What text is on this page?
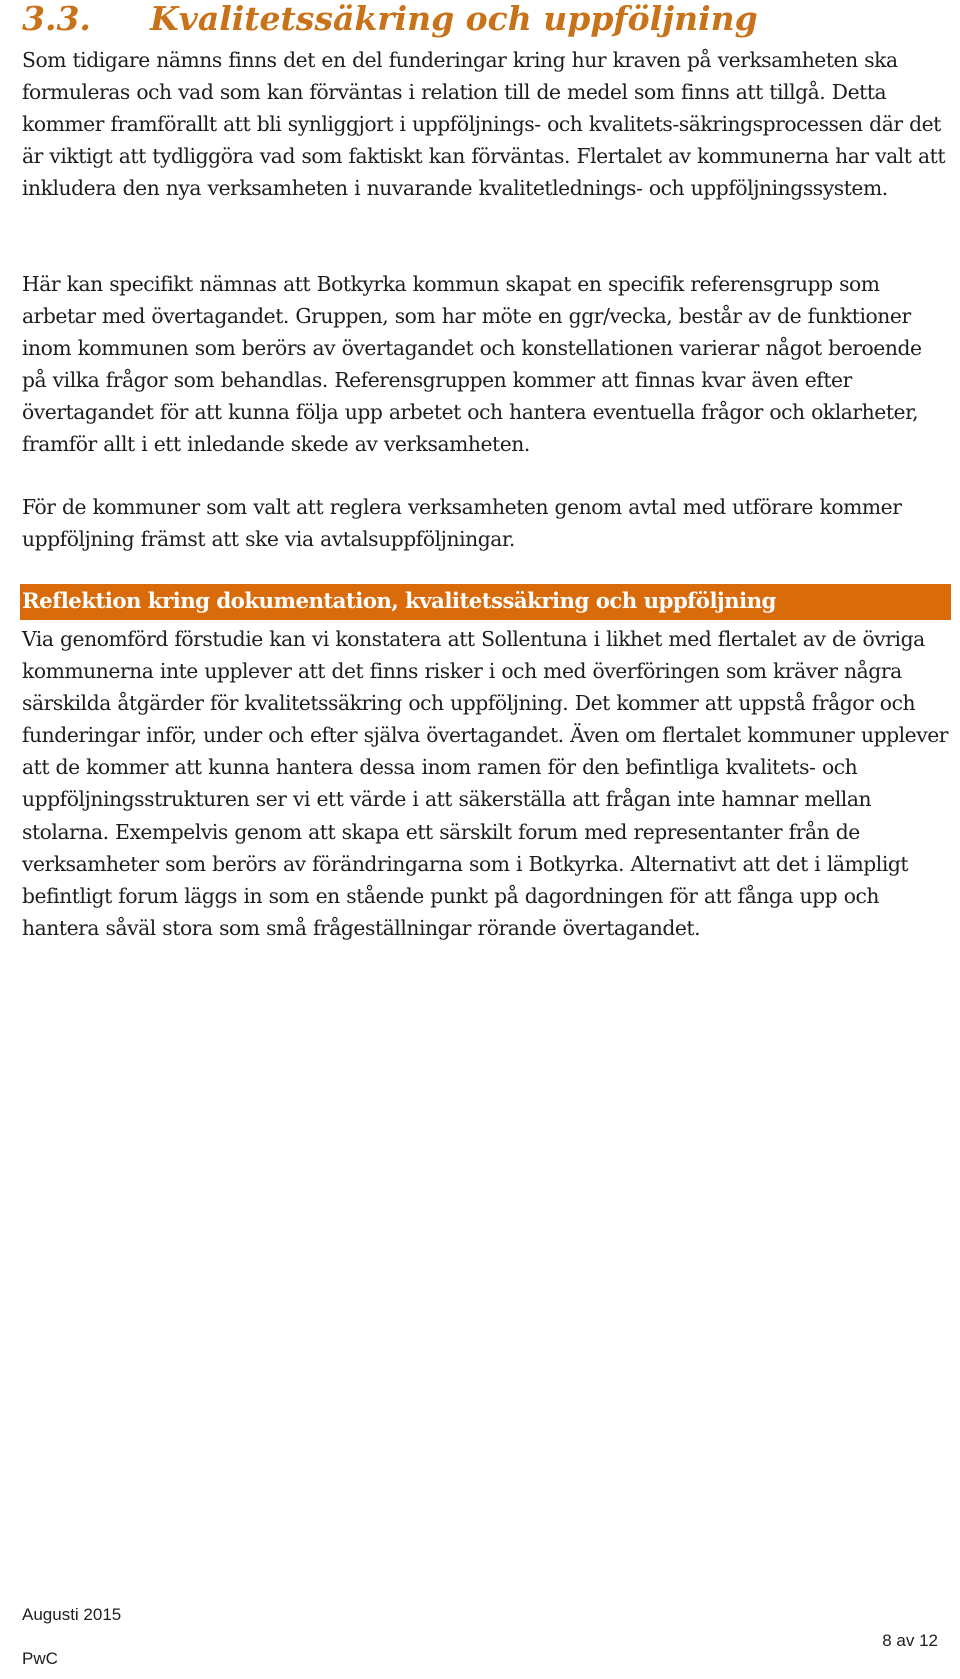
3.3. Kvalitetssäkring och uppföljning

Som tidigare nämns finns det en del funderingar kring hur kraven på verksamheten ska formuleras och vad som kan förväntas i relation till de medel som finns att tillgå. Detta kommer framförallt att bli synliggjort i uppföljnings- och kvalitets-säkringsprocessen där det är viktigt att tydliggöra vad som faktiskt kan förväntas. Flertalet av kommunerna har valt att inkludera den nya verksamheten i nuvarande kvalitetlednings- och uppföljningssystem.

Här kan specifikt nämnas att Botkyrka kommun skapat en specifik referensgrupp som arbetar med övertagandet. Gruppen, som har möte en ggr/vecka, består av de funktioner inom kommunen som berörs av övertagandet och konstellationen varierar något beroende på vilka frågor som behandlas. Referensgruppen kommer att finnas kvar även efter övertagandet för att kunna följa upp arbetet och hantera eventuella frågor och oklarheter, framför allt i ett inledande skede av verksamheten.

För de kommuner som valt att reglera verksamheten genom avtal med utförare kommer uppföljning främst att ske via avtalsuppföljningar.

Reflektion kring dokumentation, kvalitetssäkring och uppföljning

Via genomförd förstudie kan vi konstatera att Sollentuna i likhet med flertalet av de övriga kommunerna inte upplever att det finns risker i och med överföringen som kräver några särskilda åtgärder för kvalitetssäkring och uppföljning. Det kommer att uppstå frågor och funderingar inför, under och efter själva övertagandet. Även om flertalet kommuner upplever att de kommer att kunna hantera dessa inom ramen för den befintliga kvalitets- och uppföljningsstrukturen ser vi ett värde i att säkerställa att frågan inte hamnar mellan stolarna. Exempelvis genom att skapa ett särskilt forum med representanter från de verksamheter som berörs av förändringarna som i Botkyrka. Alternativt att det i lämpligt befintligt forum läggs in som en stående punkt på dagordningen för att fånga upp och hantera såväl stora som små frågeställningar rörande övertagandet.

Augusti 2015
PwC
8 av 12
